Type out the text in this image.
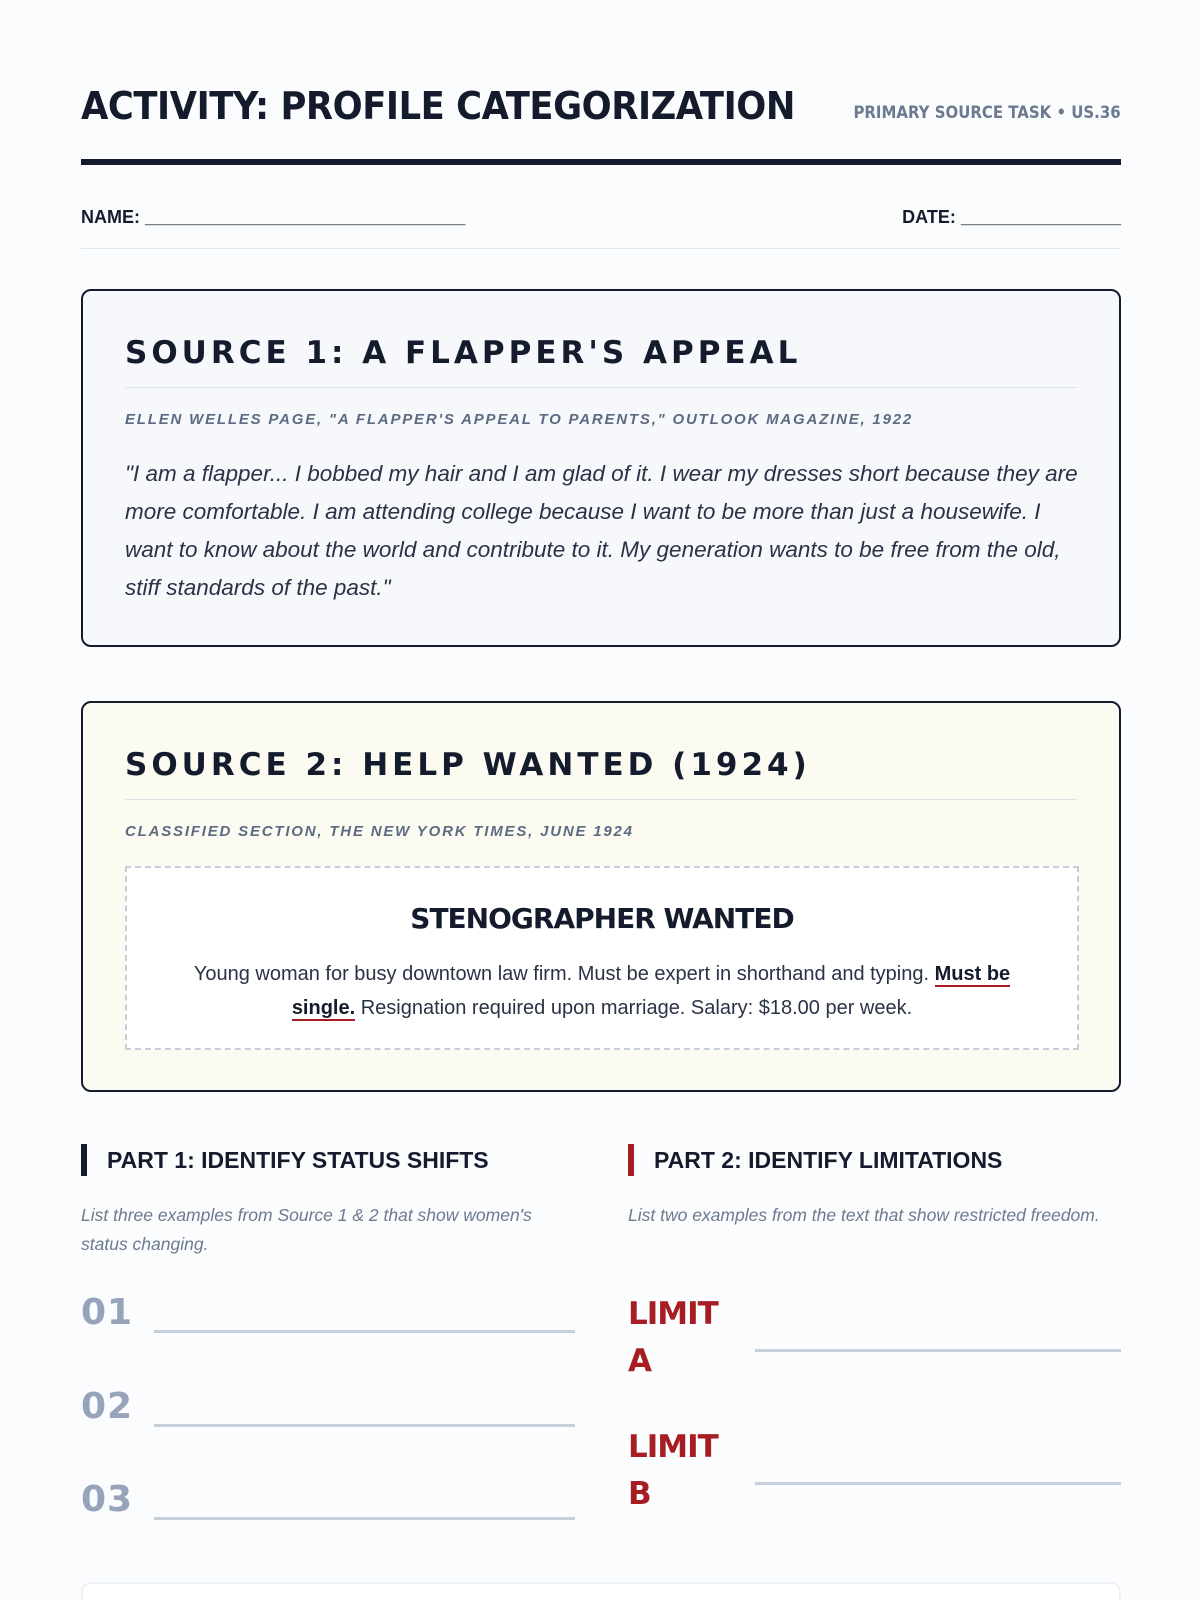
ACTIVITY: PROFILE CATEGORIZATION	PRIMARY SOURCE TASK • US.36
NAME: ________________________________	DATE: ________________
SOURCE 1: A FLAPPER'S APPEAL
ELLEN WELLES PAGE, "A FLAPPER'S APPEAL TO PARENTS," OUTLOOK MAGAZINE, 1922
"I am a flapper... I bobbed my hair and I am glad of it. I wear my dresses short because they are more comfortable. I am attending college because I want to be more than just a housewife. I want to know about the world and contribute to it. My generation wants to be free from the old, stiff standards of the past."
SOURCE 2: HELP WANTED (1924)
CLASSIFIED SECTION, THE NEW YORK TIMES, JUNE 1924
STENOGRAPHER WANTED
Young woman for busy downtown law firm. Must be expert in shorthand and typing. Must be single. Resignation required upon marriage. Salary: $18.00 per week.
PART 1: IDENTIFY STATUS SHIFTS
List three examples from Source 1 & 2 that show women's status changing.
PART 2: IDENTIFY LIMITATIONS
List two examples from the text that show restricted freedom.
01
02
03
LIMIT A
LIMIT B
